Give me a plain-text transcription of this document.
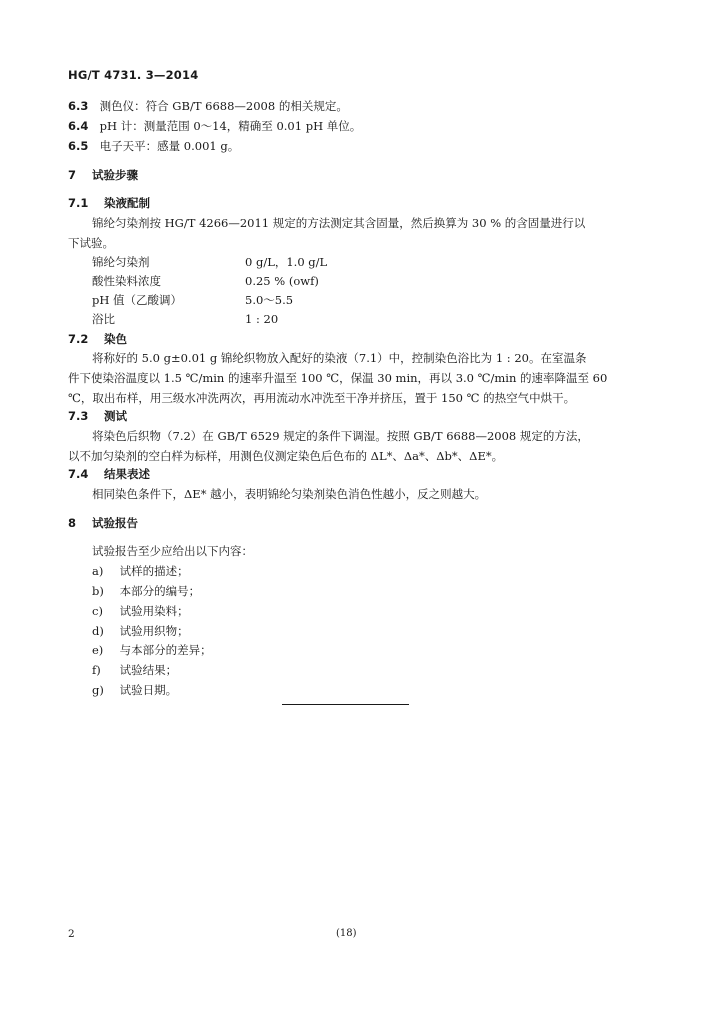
HG/T 4731. 3—2014
6.3 测色仪：符合 GB/T 6688—2008 的相关规定。
6.4 pH 计：测量范围 0～14，精确至 0.01 pH 单位。
6.5 电子天平：感量 0.001 g。
7 试验步骤
7.1 染液配制
锦纶匀染剂按 HG/T 4266—2011 规定的方法测定其含固量，然后换算为 30 % 的含固量进行以
下试验。
锦纶匀染剂	0 g/L，1.0 g/L
酸性染料浓度	0.25 % (owf)
pH 值（乙酸调）	5.0～5.5
浴比	1 : 20
7.2 染色
将称好的 5.0 g±0.01 g 锦纶织物放入配好的染液（7.1）中，控制染色浴比为 1 : 20。在室温条
件下使染浴温度以 1.5 ℃/min 的速率升温至 100 ℃，保温 30 min，再以 3.0 ℃/min 的速率降温至 60
℃，取出布样，用三级水冲洗两次，再用流动水冲洗至干净并挤压，置于 150 ℃ 的热空气中烘干。
7.3 测试
将染色后织物（7.2）在 GB/T 6529 规定的条件下调湿。按照 GB/T 6688—2008 规定的方法，
以不加匀染剂的空白样为标样，用测色仪测定染色后色布的 ΔL*、Δa*、Δb*、ΔE*。
7.4 结果表述
相同染色条件下，ΔE* 越小，表明锦纶匀染剂染色消色性越小，反之则越大。
8 试验报告
试验报告至少应给出以下内容：
a) 试样的描述；
b) 本部分的编号；
c) 试验用染料；
d) 试验用织物；
e) 与本部分的差异；
f) 试验结果；
g) 试验日期。
2	(18)
